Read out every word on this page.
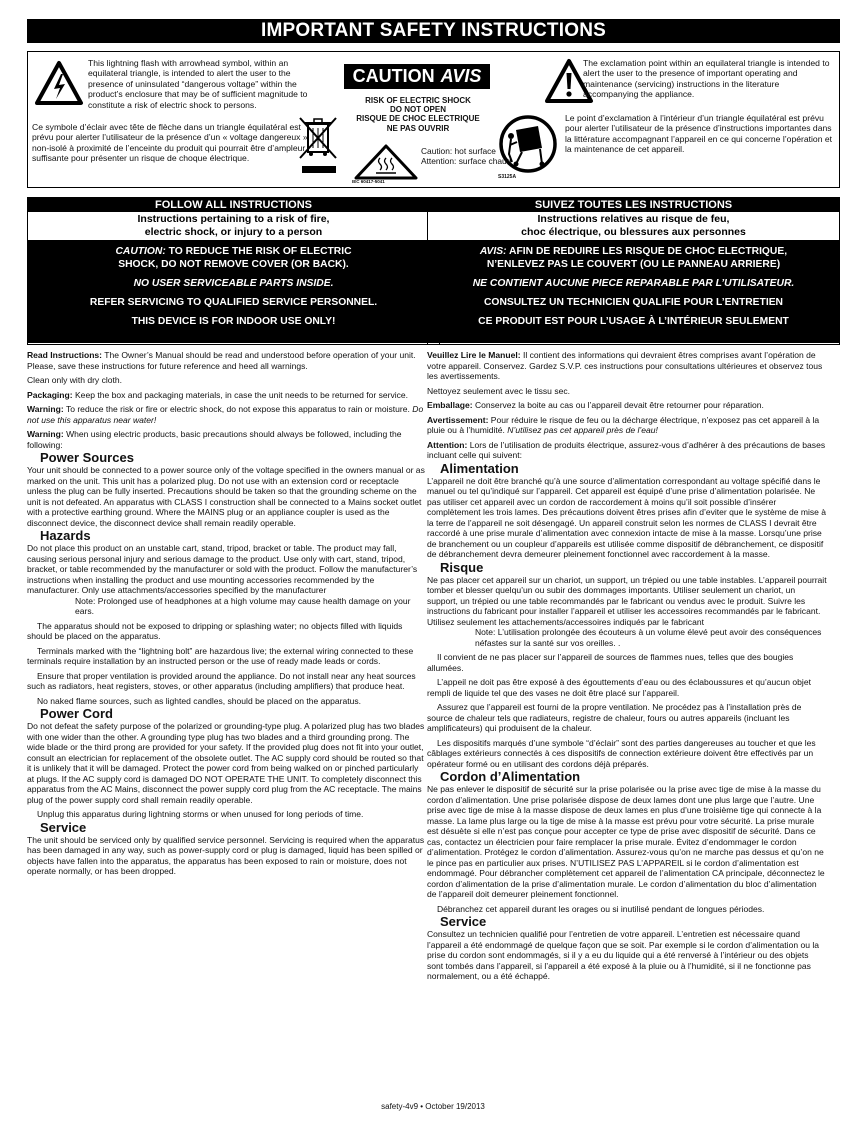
IMPORTANT SAFETY INSTRUCTIONS
This lightning flash with arrowhead symbol, within an equilateral triangle, is intended to alert the user to the presence of uninsulated “dangerous voltage” within the product’s enclosure that may be of sufficient magnitude to constitute a risk of electric shock to persons.
Ce symbole d’éclair avec tête de flèche dans un triangle équilatéral est prévu pour alerter l’utilisateur de la présence d’un « voltage dangereux » non-isolé à proximité de l’enceinte du produit qui pourrait être d’ampleur suffisante pour présenter un risque de choque électrique.
CAUTION AVIS
RISK OF ELECTRIC SHOCK
DO NOT OPEN
RISQUE DE CHOC ELECTRIQUE
NE PAS OUVRIR
Caution: hot surface
Attention: surface chaud
IEC 60417-5041
The exclamation point within an equilateral triangle is intended to alert the user to the presence of important operating and maintenance (servicing) instructions in the literature accompanying the appliance.
S3125A
Le point d’exclamation à l’intérieur d’un triangle équilatéral est prévu pour alerter l’utilisateur de la présence d’instructions importantes dans la littérature accompagnant l’appareil en ce qui concerne l’opération et la maintenance de cet appareil.
FOLLOW ALL INSTRUCTIONS
Instructions pertaining to a risk of fire,
electric shock, or injury to a person

CAUTION: TO REDUCE THE RISK OF ELECTRIC
SHOCK, DO NOT REMOVE COVER (OR BACK).

NO USER SERVICEABLE PARTS INSIDE.

REFER SERVICING TO QUALIFIED SERVICE PERSONNEL.

THIS DEVICE IS FOR INDOOR USE ONLY!

SUIVEZ TOUTES LES INSTRUCTIONS
Instructions relatives au risque de feu,
choc électrique, ou blessures aux personnes

AVIS: AFIN DE REDUIRE LES RISQUE DE CHOC ELECTRIQUE,
N’ENLEVEZ PAS LE COUVERT (OU LE PANNEAU ARRIERE)

NE CONTIENT AUCUNE PIECE REPARABLE PAR L’UTILISATEUR.

CONSULTEZ UN TECHNICIEN QUALIFIE POUR L’ENTRETIEN

CE PRODUIT EST POUR L’USAGE À L’INTÉRIEUR SEULEMENT

Read Instructions: The Owner’s Manual should be read and understood before operation of your unit. Please, save these instructions for future reference and heed all warnings.

Clean only with dry cloth.

Packaging: Keep the box and packaging materials, in case the unit needs to be returned for service.

Warning: To reduce the risk or fire or electric shock, do not expose this apparatus to rain or moisture. Do not use this apparatus near water!

Warning: When using electric products, basic precautions should always be followed, including the following:

Power Sources

Your unit should be connected to a power source only of the voltage specified in the owners manual or as marked on the unit. This unit has a polarized plug. Do not use with an extension cord or receptacle unless the plug can be fully inserted. Precautions should be taken so that the grounding scheme on the unit is not defeated. An apparatus with CLASS I construction shall be connected to a Mains socket outlet with a protective earthing ground. Where the MAINS plug or an appliance coupler is used as the disconnect device, the disconnect device shall remain readily operable.

Hazards

Do not place this product on an unstable cart, stand, tripod, bracket or table. The product may fall, causing serious personal injury and serious damage to the product. Use only with cart, stand, tripod, bracket, or table recommended by the manufacturer or sold with the product. Follow the manufacturer’s instructions when installing the product and use mounting accessories recommended by the manufacturer. Only use attachments/accessories specified by the manufacturer

Note: Prolonged use of headphones at a high volume may cause health damage on your ears.

The apparatus should not be exposed to dripping or splashing water; no objects filled with liquids should be placed on the apparatus.

Terminals marked with the “lightning bolt” are hazardous live; the external wiring connected to these terminals require installation by an instructed person or the use of ready made leads or cords.

Ensure that proper ventilation is provided around the appliance. Do not install near any heat sources such as radiators, heat registers, stoves, or other apparatus (including amplifiers) that produce heat.

No naked flame sources, such as lighted candles, should be placed on the apparatus.

Power Cord

Do not defeat the safety purpose of the polarized or grounding-type plug. A polarized plug has two blades with one wider than the other. A grounding type plug has two blades and a third grounding prong. The wide blade or the third prong are provided for your safety. If the provided plug does not fit into your outlet, consult an electrician for replacement of the obsolete outlet. The AC supply cord should be routed so that it is unlikely that it will be damaged. Protect the power cord from being walked on or pinched particularly at plugs. If the AC supply cord is damaged DO NOT OPERATE THE UNIT. To completely disconnect this apparatus from the AC Mains, disconnect the power supply cord plug from the AC receptacle. The mains plug of the power supply cord shall remain readily operable.

Unplug this apparatus during lightning storms or when unused for long periods of time.

Service

The unit should be serviced only by qualified service personnel. Servicing is required when the apparatus has been damaged in any way, such as power-supply cord or plug is damaged, liquid has been spilled or objects have fallen into the apparatus, the apparatus has been exposed to rain or moisture, does not operate normally, or has been dropped.

Veuillez Lire le Manuel: Il contient des informations qui devraient êtres comprises avant l’opération de votre appareil. Conservez. Gardez S.V.P. ces instructions pour consultations ultérieures et observez tous les avertissements.

Nettoyez seulement avec le tissu sec.

Emballage: Conservez la boite au cas ou l’appareil devait être retourner pour réparation.

Avertissement: Pour réduire le risque de feu ou la décharge électrique, n’exposez pas cet appareil à la pluie ou à l’humidité. N’utilisez pas cet appareil près de l’eau!

Attention: Lors de l’utilisation de produits électrique, assurez-vous d’adhérer à des précautions de bases incluant celle qui suivent:

Alimentation

L’appareil ne doit être branché qu’à une source d’alimentation correspondant au voltage spécifié dans le manuel ou tel qu’indiqué sur l’appareil. Cet appareil est équipé d’une prise d’alimentation polarisée. Ne pas utiliser cet appareil avec un cordon de raccordement à moins qu’il soit possible d’insérer complètement les trois lames. Des précautions doivent êtres prises afin d’eviter que le système de mise à la terre de l’appareil ne soit désengagé. Un appareil construit selon les normes de CLASS I devrait être raccordé à une prise murale d’alimentation avec connexion intacte de mise à la masse. Lorsqu’une prise de branchement ou un coupleur d’appareils est utilisée comme dispositif de débranchement, ce dispositif de débranchement devra demeurer pleinement fonctionnel avec raccordement à la masse.

Risque

Ne pas placer cet appareil sur un chariot, un support, un trépied ou une table instables. L’appareil pourrait tomber et blesser quelqu’un ou subir des dommages importants. Utiliser seulement un chariot, un support, un trépied ou une table recommandés par le fabricant ou vendus avec le produit. Suivre les instructions du fabricant pour installer l’appareil et utiliser les accessoires recommandés par le fabricant. Utilisez seulement les attachements/accessoires indiqués par le fabricant

Note: L’utilisation prolongée des écouteurs à un volume élevé peut avoir des conséquences néfastes sur la santé sur vos oreilles. .

Il convient de ne pas placer sur l’appareil de sources de flammes nues, telles que des bougies allumées.

L’appeil ne doit pas être exposé à des égouttements d’eau ou des éclaboussures et qu’aucun objet rempli de liquide tel que des vases ne doit être placé sur l’appareil.

Assurez que l’appareil est fourni de la propre ventilation. Ne procédez pas à l’installation près de source de chaleur tels que radiateurs, registre de chaleur, fours ou autres appareils (incluant les amplificateurs) qui produisent de la chaleur.

Les dispositifs marqués d’une symbole “d’éclair” sont des parties dangereuses au toucher et que les câblages extérieurs connectés à ces dispositifs de connection extérieure doivent être effectivés par un opérateur formé ou en utilisant des cordons déjà préparés.

Cordon d’Alimentation

Ne pas enlever le dispositif de sécurité sur la prise polarisée ou la prise avec tige de mise à la masse du cordon d’alimentation. Une prise polarisée dispose de deux lames dont une plus large que l’autre. Une prise avec tige de mise à la masse dispose de deux lames en plus d’une troisième tige qui connecte à la masse. La lame plus large ou la tige de mise à la masse est prévu pour votre sécurité. La prise murale est désuète si elle n’est pas conçue pour accepter ce type de prise avec dispositif de sécurité. Dans ce cas, contactez un électricien pour faire remplacer la prise murale. Évitez d’endommager le cordon d’alimentation. Protégez le cordon d’alimentation. Assurez-vous qu’on ne marche pas dessus et qu’on ne le pince pas en particulier aux prises. N’UTILISEZ PAS L’APPAREIL si le cordon d’alimentation est endommagé. Pour débrancher complètement cet appareil de l’alimentation CA principale, déconnectez le cordon d’alimentation de la prise d’alimentation murale. Le cordon d’alimentation du bloc d’alimentation de l’appareil doit demeurer pleinement fonctionnel.

Débranchez cet appareil durant les orages ou si inutilisé pendant de longues périodes.

Service

Consultez un technicien qualifié pour l’entretien de votre appareil. L’entretien est nécessaire quand l’appareil a été endommagé de quelque façon que se soit. Par exemple si le cordon d’alimentation ou la prise du cordon sont endommagés, si il y a eu du liquide qui a été renversé à l’intérieur ou des objets sont tombés dans l’appareil, si l’appareil a été exposé à la pluie ou à l’humidité, si il ne fonctionne pas normalement, ou a été échappé.

safety-4v9 • October 19/2013
